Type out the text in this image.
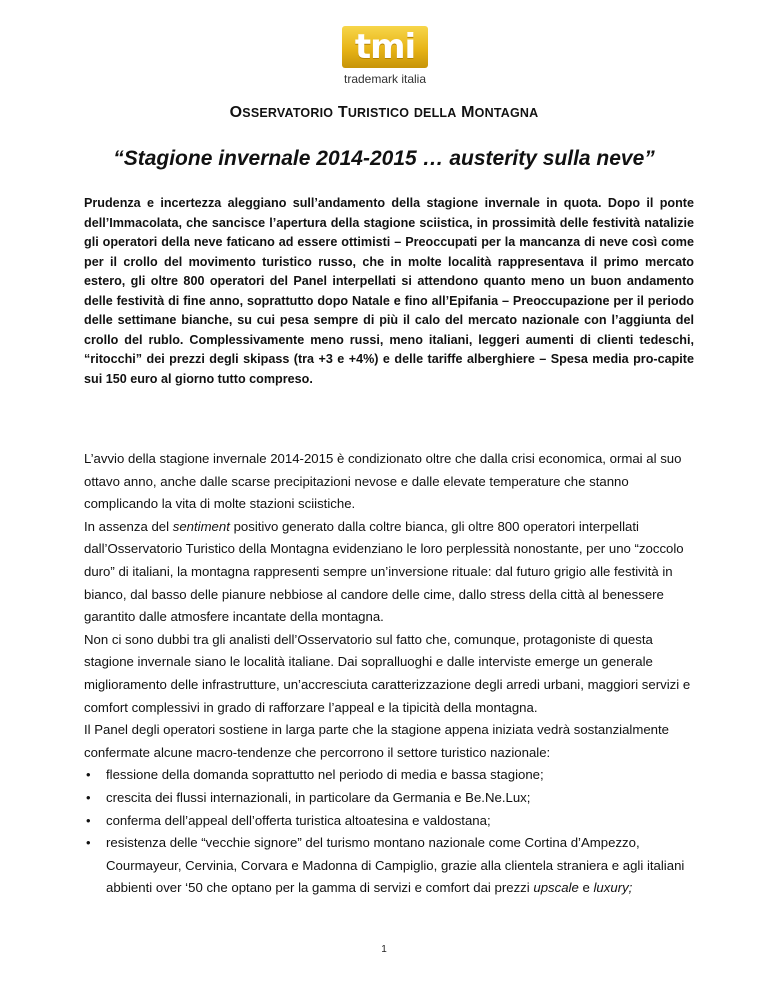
tmi
trademark italia
OSSERVATORIO TURISTICO DELLA MONTAGNA
“Stagione invernale 2014-2015 … austerity sulla neve”

Prudenza e incertezza aleggiano sull’andamento della stagione invernale in quota. Dopo il ponte dell’Immacolata, che sancisce l’apertura della stagione sciistica, in prossimità delle festività natalizie gli operatori della neve faticano ad essere ottimisti – Preoccupati per la mancanza di neve così come per il crollo del movimento turistico russo, che in molte località rappresentava il primo mercato estero, gli oltre 800 operatori del Panel interpellati si attendono quanto meno un buon andamento delle festività di fine anno, soprattutto dopo Natale e fino all’Epifania – Preoccupazione per il periodo delle settimane bianche, su cui pesa sempre di più il calo del mercato nazionale con l’aggiunta del crollo del rublo. Complessivamente meno russi, meno italiani, leggeri aumenti di clienti tedeschi, “ritocchi” dei prezzi degli skipass (tra +3 e +4%) e delle tariffe alberghiere – Spesa media pro-capite sui 150 euro al giorno tutto compreso.

L’avvio della stagione invernale 2014-2015 è condizionato oltre che dalla crisi economica, ormai al suo ottavo anno, anche dalle scarse precipitazioni nevose e dalle elevate temperature che stanno complicando la vita di molte stazioni sciistiche.

In assenza del sentiment positivo generato dalla coltre bianca, gli oltre 800 operatori interpellati dall’Osservatorio Turistico della Montagna evidenziano le loro perplessità nonostante, per uno “zoccolo duro” di italiani, la montagna rappresenti sempre un’inversione rituale: dal futuro grigio alle festività in bianco, dal basso delle pianure nebbiose al candore delle cime, dallo stress della città al benessere garantito dalle atmosfere incantate della montagna.

Non ci sono dubbi tra gli analisti dell’Osservatorio sul fatto che, comunque, protagoniste di questa stagione invernale siano le località italiane. Dai sopralluoghi e dalle interviste emerge un generale miglioramento delle infrastrutture, un’accresciuta caratterizzazione degli arredi urbani, maggiori servizi e comfort complessivi in grado di rafforzare l’appeal e la tipicità della montagna.

Il Panel degli operatori sostiene in larga parte che la stagione appena iniziata vedrà sostanzialmente confermate alcune macro-tendenze che percorrono il settore turistico nazionale:

• flessione della domanda soprattutto nel periodo di media e bassa stagione;
• crescita dei flussi internazionali, in particolare da Germania e Be.Ne.Lux;
• conferma dell’appeal dell’offerta turistica altoatesina e valdostana;
• resistenza delle “vecchie signore” del turismo montano nazionale come Cortina d’Ampezzo, Courmayeur, Cervinia, Corvara e Madonna di Campiglio, grazie alla clientela straniera e agli italiani abbienti over ‘50 che optano per la gamma di servizi e comfort dai prezzi upscale e luxury;
1
